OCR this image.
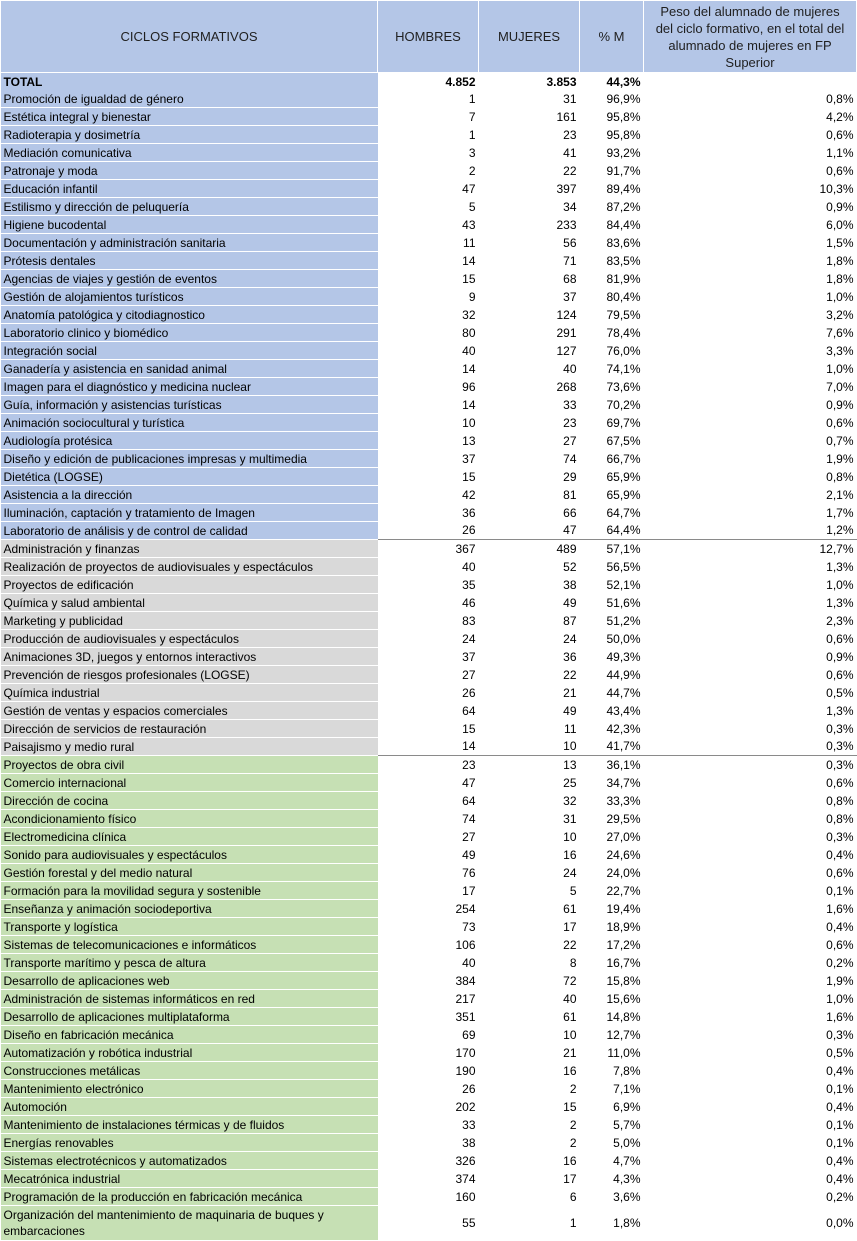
CICLOS FORMATIVOS	HOMBRES	MUJERES	% M	Peso del alumnado de mujeres del ciclo formativo, en el total del alumnado de mujeres en FP Superior
TOTAL	4.852	3.853	44,3%	
Promoción de igualdad de género	1	31	96,9%	0,8%
Estética integral y bienestar	7	161	95,8%	4,2%
Radioterapia y dosimetría	1	23	95,8%	0,6%
Mediación comunicativa	3	41	93,2%	1,1%
Patronaje y moda	2	22	91,7%	0,6%
Educación infantil	47	397	89,4%	10,3%
Estilismo y dirección de peluquería	5	34	87,2%	0,9%
Higiene bucodental	43	233	84,4%	6,0%
Documentación y administración sanitaria	11	56	83,6%	1,5%
Prótesis dentales	14	71	83,5%	1,8%
Agencias de viajes y gestión de eventos	15	68	81,9%	1,8%
Gestión de alojamientos turísticos	9	37	80,4%	1,0%
Anatomía patológica y citodiagnostico	32	124	79,5%	3,2%
Laboratorio clinico y biomédico	80	291	78,4%	7,6%
Integración social	40	127	76,0%	3,3%
Ganadería y asistencia en sanidad animal	14	40	74,1%	1,0%
Imagen para el diagnóstico y medicina nuclear	96	268	73,6%	7,0%
Guía, información y asistencias turísticas	14	33	70,2%	0,9%
Animación sociocultural y turística	10	23	69,7%	0,6%
Audiología protésica	13	27	67,5%	0,7%
Diseño y edición de publicaciones impresas y multimedia	37	74	66,7%	1,9%
Dietética (LOGSE)	15	29	65,9%	0,8%
Asistencia a la dirección	42	81	65,9%	2,1%
Iluminación, captación y tratamiento de Imagen	36	66	64,7%	1,7%
Laboratorio de análisis y de control de calidad	26	47	64,4%	1,2%
Administración y finanzas	367	489	57,1%	12,7%
Realización de proyectos de audiovisuales y espectáculos	40	52	56,5%	1,3%
Proyectos de edificación	35	38	52,1%	1,0%
Química y salud ambiental	46	49	51,6%	1,3%
Marketing y publicidad	83	87	51,2%	2,3%
Producción de audiovisuales y espectáculos	24	24	50,0%	0,6%
Animaciones 3D, juegos y entornos interactivos	37	36	49,3%	0,9%
Prevención de riesgos profesionales (LOGSE)	27	22	44,9%	0,6%
Química industrial	26	21	44,7%	0,5%
Gestión de ventas y espacios comerciales	64	49	43,4%	1,3%
Dirección de servicios de restauración	15	11	42,3%	0,3%
Paisajismo y medio rural	14	10	41,7%	0,3%
Proyectos de obra civil	23	13	36,1%	0,3%
Comercio internacional	47	25	34,7%	0,6%
Dirección de cocina	64	32	33,3%	0,8%
Acondicionamiento físico	74	31	29,5%	0,8%
Electromedicina clínica	27	10	27,0%	0,3%
Sonido para audiovisuales y espectáculos	49	16	24,6%	0,4%
Gestión forestal y del medio natural	76	24	24,0%	0,6%
Formación para la movilidad segura y sostenible	17	5	22,7%	0,1%
Enseñanza y animación sociodeportiva	254	61	19,4%	1,6%
Transporte y logística	73	17	18,9%	0,4%
Sistemas de telecomunicaciones e informáticos	106	22	17,2%	0,6%
Transporte marítimo y pesca de altura	40	8	16,7%	0,2%
Desarrollo de aplicaciones web	384	72	15,8%	1,9%
Administración de sistemas informáticos en red	217	40	15,6%	1,0%
Desarrollo de aplicaciones multiplataforma	351	61	14,8%	1,6%
Diseño en fabricación mecánica	69	10	12,7%	0,3%
Automatización y robótica industrial	170	21	11,0%	0,5%
Construcciones metálicas	190	16	7,8%	0,4%
Mantenimiento electrónico	26	2	7,1%	0,1%
Automoción	202	15	6,9%	0,4%
Mantenimiento de instalaciones térmicas y de fluidos	33	2	5,7%	0,1%
Energías renovables	38	2	5,0%	0,1%
Sistemas electrotécnicos y automatizados	326	16	4,7%	0,4%
Mecatrónica industrial	374	17	4,3%	0,4%
Programación de la producción en fabricación mecánica	160	6	3,6%	0,2%
Organización del mantenimiento de maquinaria de buques y embarcaciones	55	1	1,8%	0,0%
